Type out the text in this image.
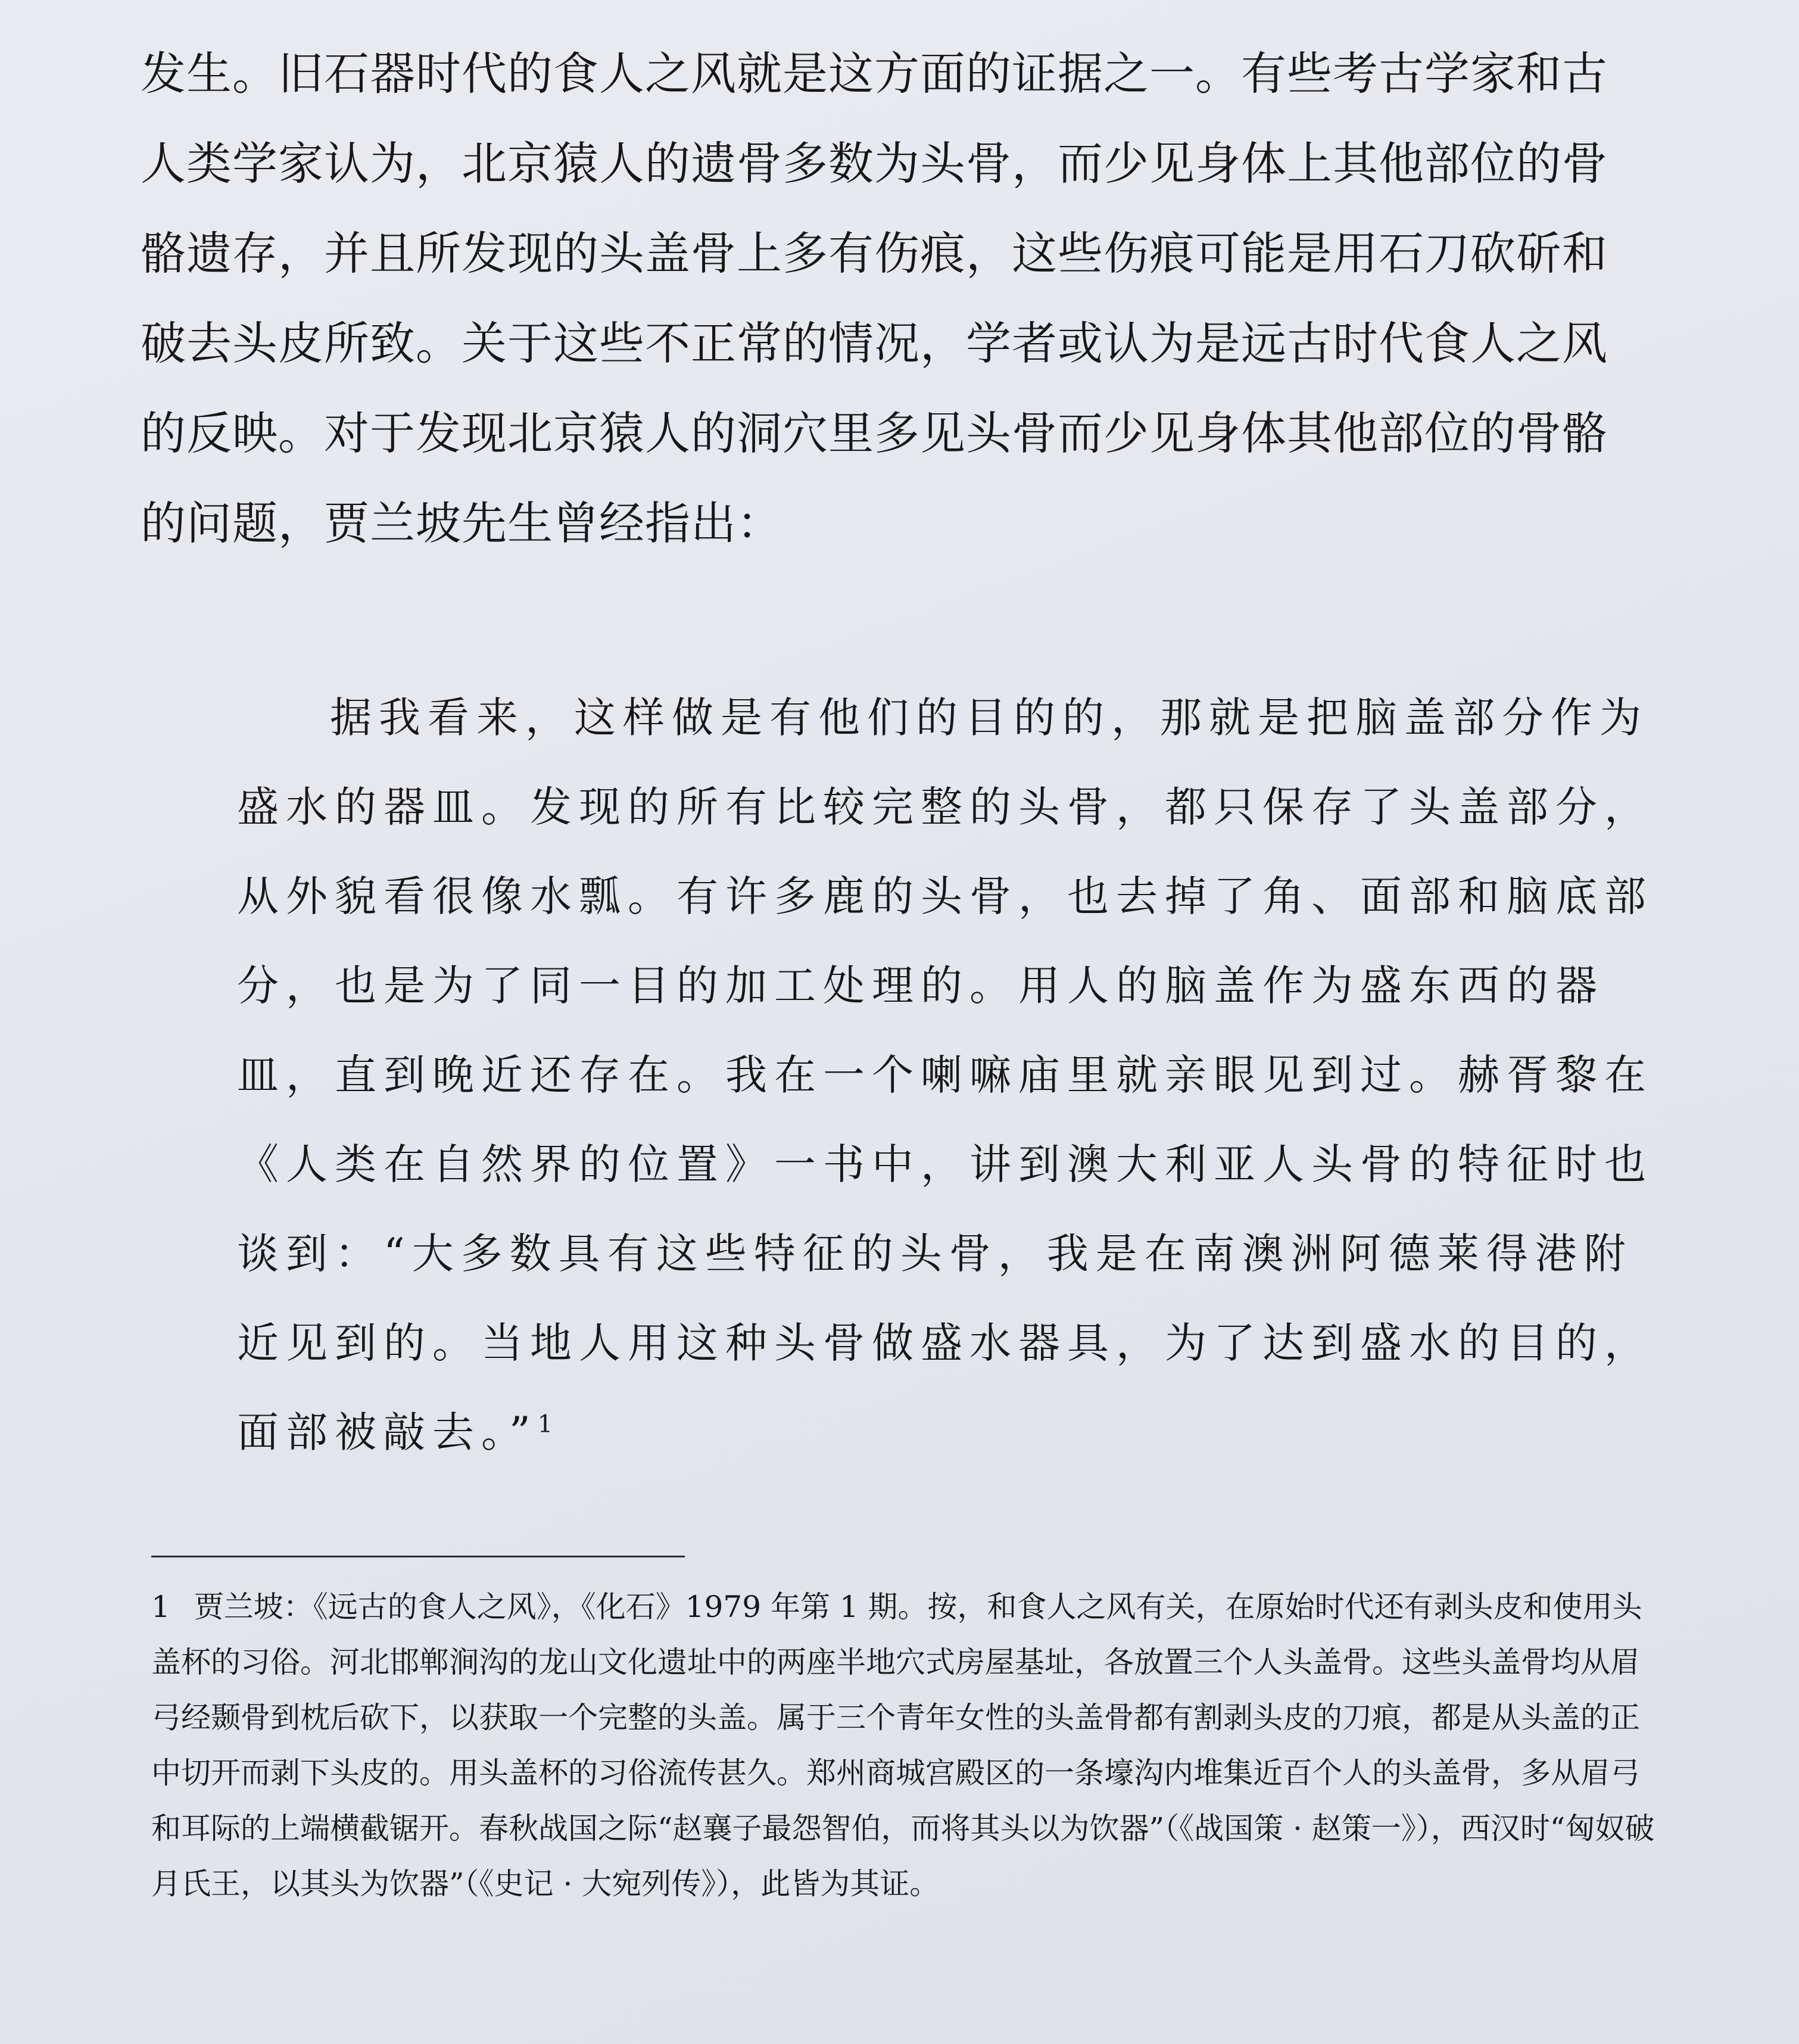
发生。旧石器时代的食人之风就是这方面的证据之一。有些考古学家和古人类学家认为，北京猿人的遗骨多数为头骨，而少见身体上其他部位的骨骼遗存，并且所发现的头盖骨上多有伤痕，这些伤痕可能是用石刀砍斫和破去头皮所致。关于这些不正常的情况，学者或认为是远古时代食人之风的反映。对于发现北京猿人的洞穴里多见头骨而少见身体其他部位的骨骼的问题，贾兰坡先生曾经指出：

据我看来，这样做是有他们的目的的，那就是把脑盖部分作为盛水的器皿。发现的所有比较完整的头骨，都只保存了头盖部分，从外貌看很像水瓢。有许多鹿的头骨，也去掉了角、面部和脑底部分，也是为了同一目的加工处理的。用人的脑盖作为盛东西的器皿，直到晚近还存在。我在一个喇嘛庙里就亲眼见到过。赫胥黎在《人类在自然界的位置》一书中，讲到澳大利亚人头骨的特征时也谈到：“大多数具有这些特征的头骨，我是在南澳洲阿德莱得港附近见到的。当地人用这种头骨做盛水器具，为了达到盛水的目的，面部被敲去。”$^1$

1 贾兰坡：《远古的食人之风》，《化石》1979 年第 1 期。按，和食人之风有关，在原始时代还有剥头皮和使用头盖杯的习俗。河北邯郸涧沟的龙山文化遗址中的两座半地穴式房屋基址，各放置三个人头盖骨。这些头盖骨均从眉弓经颞骨到枕后砍下，以获取一个完整的头盖。属于三个青年女性的头盖骨都有割剥头皮的刀痕，都是从头盖的正中切开而剥下头皮的。用头盖杯的习俗流传甚久。郑州商城宫殿区的一条壕沟内堆集近百个人的头盖骨，多从眉弓和耳际的上端横截锯开。春秋战国之际“赵襄子最怨智伯，而将其头以为饮器”（《战国策 · 赵策一》），西汉时“匈奴破月氏王，以其头为饮器”（《史记 · 大宛列传》），此皆为其证。
